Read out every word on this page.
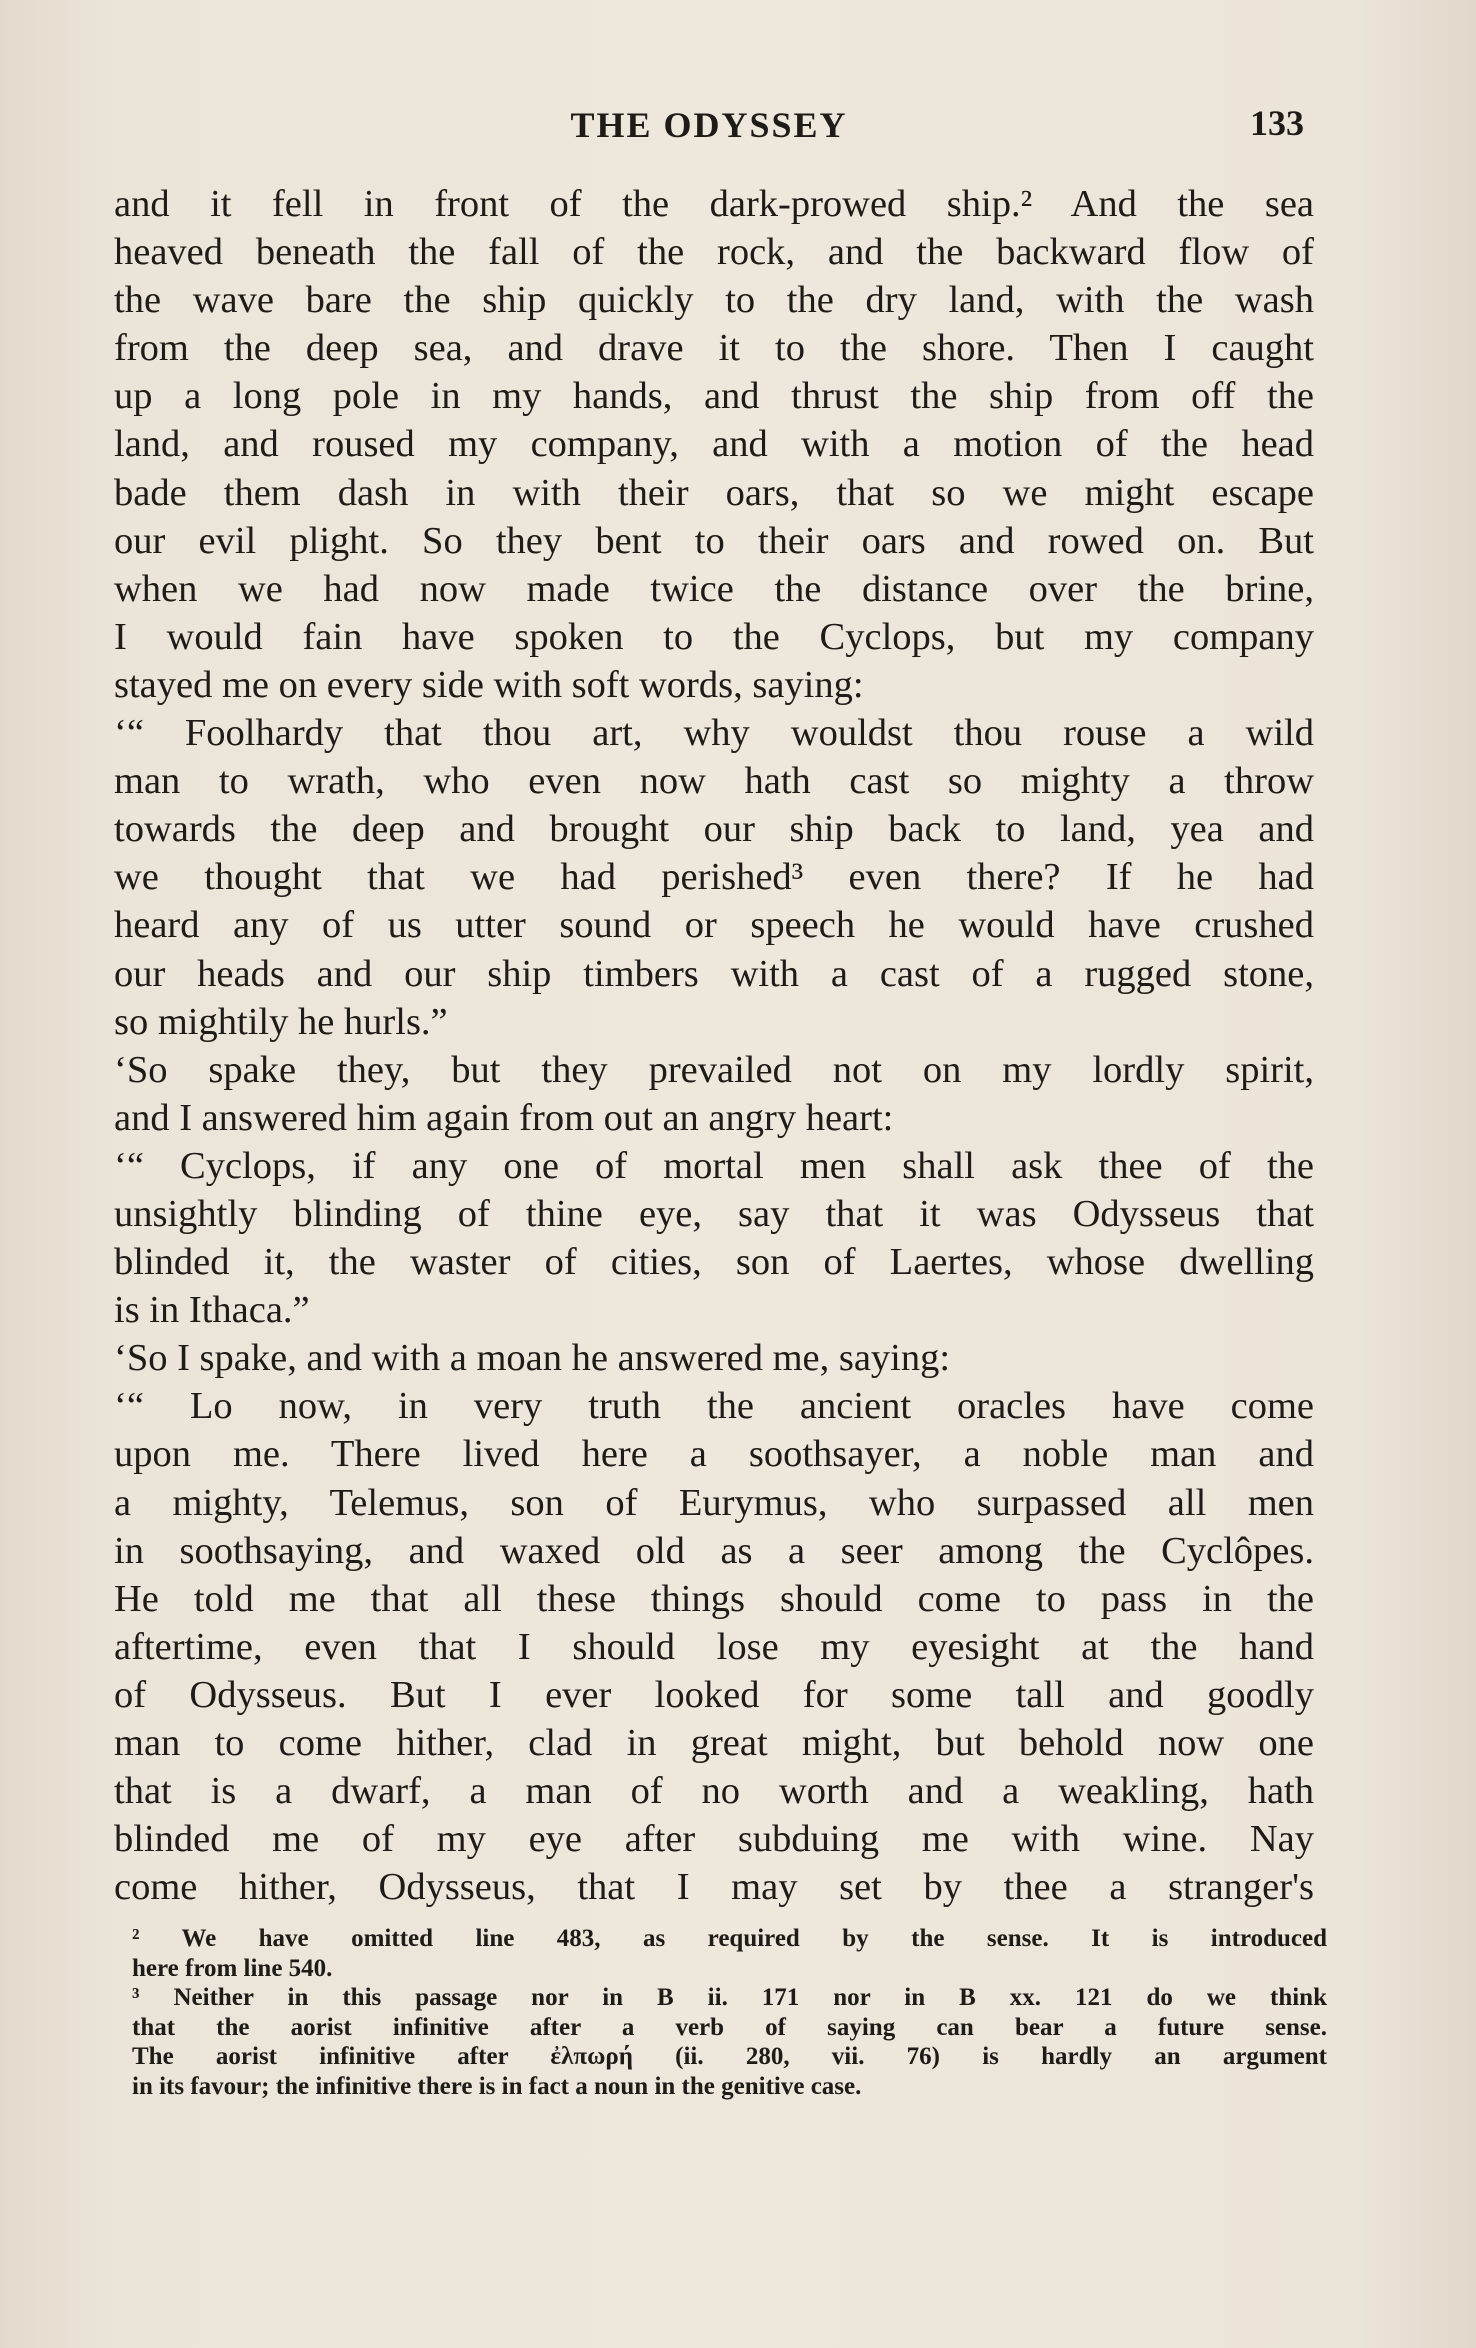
THE ODYSSEY	133
and it fell in front of the dark-prowed ship.² And the sea
heaved beneath the fall of the rock, and the backward flow of
the wave bare the ship quickly to the dry land, with the wash
from the deep sea, and drave it to the shore. Then I caught
up a long pole in my hands, and thrust the ship from off the
land, and roused my company, and with a motion of the head
bade them dash in with their oars, that so we might escape
our evil plight. So they bent to their oars and rowed on. But
when we had now made twice the distance over the brine,
I would fain have spoken to the Cyclops, but my company
stayed me on every side with soft words, saying:
‘“ Foolhardy that thou art, why wouldst thou rouse a wild
man to wrath, who even now hath cast so mighty a throw
towards the deep and brought our ship back to land, yea and
we thought that we had perished³ even there? If he had
heard any of us utter sound or speech he would have crushed
our heads and our ship timbers with a cast of a rugged stone,
so mightily he hurls.”
‘So spake they, but they prevailed not on my lordly spirit,
and I answered him again from out an angry heart:
‘“ Cyclops, if any one of mortal men shall ask thee of the
unsightly blinding of thine eye, say that it was Odysseus that
blinded it, the waster of cities, son of Laertes, whose dwelling
is in Ithaca.”
‘So I spake, and with a moan he answered me, saying:
‘“ Lo now, in very truth the ancient oracles have come
upon me. There lived here a soothsayer, a noble man and
a mighty, Telemus, son of Eurymus, who surpassed all men
in soothsaying, and waxed old as a seer among the Cyclôpes.
He told me that all these things should come to pass in the
aftertime, even that I should lose my eyesight at the hand
of Odysseus. But I ever looked for some tall and goodly
man to come hither, clad in great might, but behold now one
that is a dwarf, a man of no worth and a weakling, hath
blinded me of my eye after subduing me with wine. Nay
come hither, Odysseus, that I may set by thee a stranger's
² We have omitted line 483, as required by the sense. It is introduced
here from line 540.
³ Neither in this passage nor in B ii. 171 nor in B xx. 121 do we think
that the aorist infinitive after a verb of saying can bear a future sense.
The aorist infinitive after ἐλπωρή (ii. 280, vii. 76) is hardly an argument
in its favour; the infinitive there is in fact a noun in the genitive case.
